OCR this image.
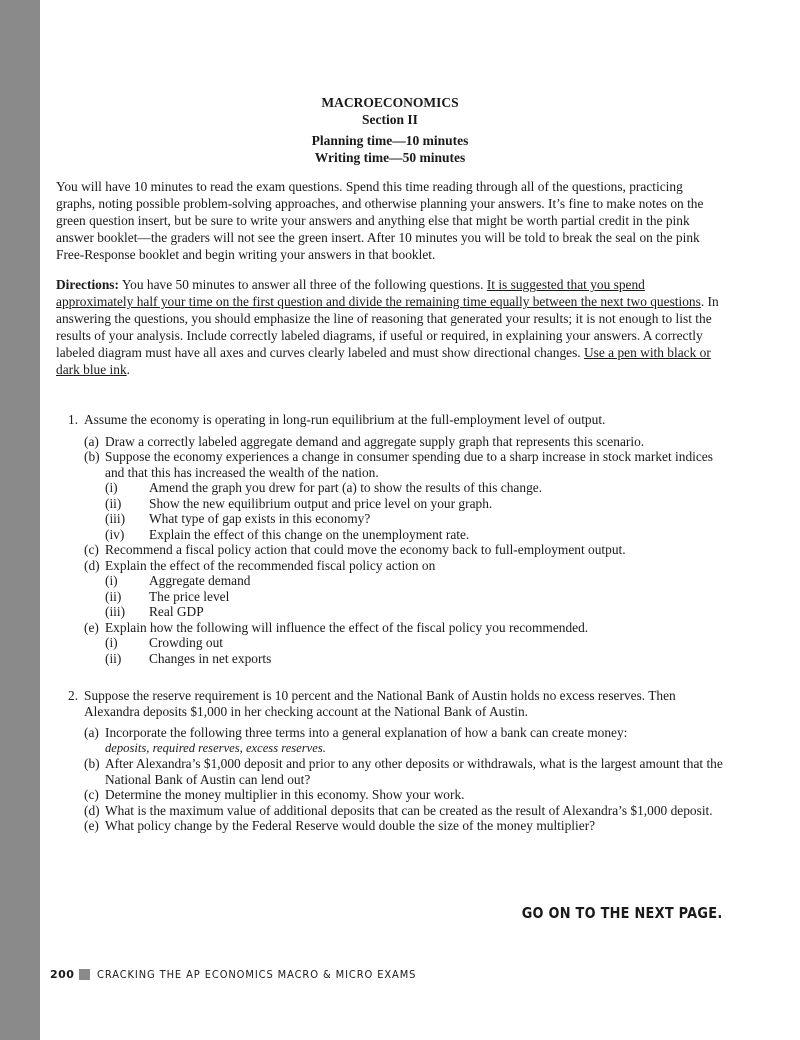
MACROECONOMICS
Section II
Planning time—10 minutes
Writing time—50 minutes

You will have 10 minutes to read the exam questions. Spend this time reading through all of the questions, practicing graphs, noting possible problem-solving approaches, and otherwise planning your answers. It’s fine to make notes on the green question insert, but be sure to write your answers and anything else that might be worth partial credit in the pink answer booklet—the graders will not see the green insert. After 10 minutes you will be told to break the seal on the pink Free-Response booklet and begin writing your answers in that booklet.

Directions: You have 50 minutes to answer all three of the following questions. It is suggested that you spend approximately half your time on the first question and divide the remaining time equally between the next two questions. In answering the questions, you should emphasize the line of reasoning that generated your results; it is not enough to list the results of your analysis. Include correctly labeled diagrams, if useful or required, in explaining your answers. A correctly labeled diagram must have all axes and curves clearly labeled and must show directional changes. Use a pen with black or dark blue ink.

1. Assume the economy is operating in long-run equilibrium at the full-employment level of output.
(a) Draw a correctly labeled aggregate demand and aggregate supply graph that represents this scenario.
(b) Suppose the economy experiences a change in consumer spending due to a sharp increase in stock market indices and that this has increased the wealth of the nation.
(i) Amend the graph you drew for part (a) to show the results of this change.
(ii) Show the new equilibrium output and price level on your graph.
(iii) What type of gap exists in this economy?
(iv) Explain the effect of this change on the unemployment rate.
(c) Recommend a fiscal policy action that could move the economy back to full-employment output.
(d) Explain the effect of the recommended fiscal policy action on
(i) Aggregate demand
(ii) The price level
(iii) Real GDP
(e) Explain how the following will influence the effect of the fiscal policy you recommended.
(i) Crowding out
(ii) Changes in net exports
2. Suppose the reserve requirement is 10 percent and the National Bank of Austin holds no excess reserves. Then Alexandra deposits $1,000 in her checking account at the National Bank of Austin.
(a) Incorporate the following three terms into a general explanation of how a bank can create money:
deposits, required reserves, excess reserves.
(b) After Alexandra’s $1,000 deposit and prior to any other deposits or withdrawals, what is the largest amount that the National Bank of Austin can lend out?
(c) Determine the money multiplier in this economy. Show your work.
(d) What is the maximum value of additional deposits that can be created as the result of Alexandra’s $1,000 deposit.
(e) What policy change by the Federal Reserve would double the size of the money multiplier?
GO ON TO THE NEXT PAGE.
200 CRACKING THE AP ECONOMICS MACRO & MICRO EXAMS
